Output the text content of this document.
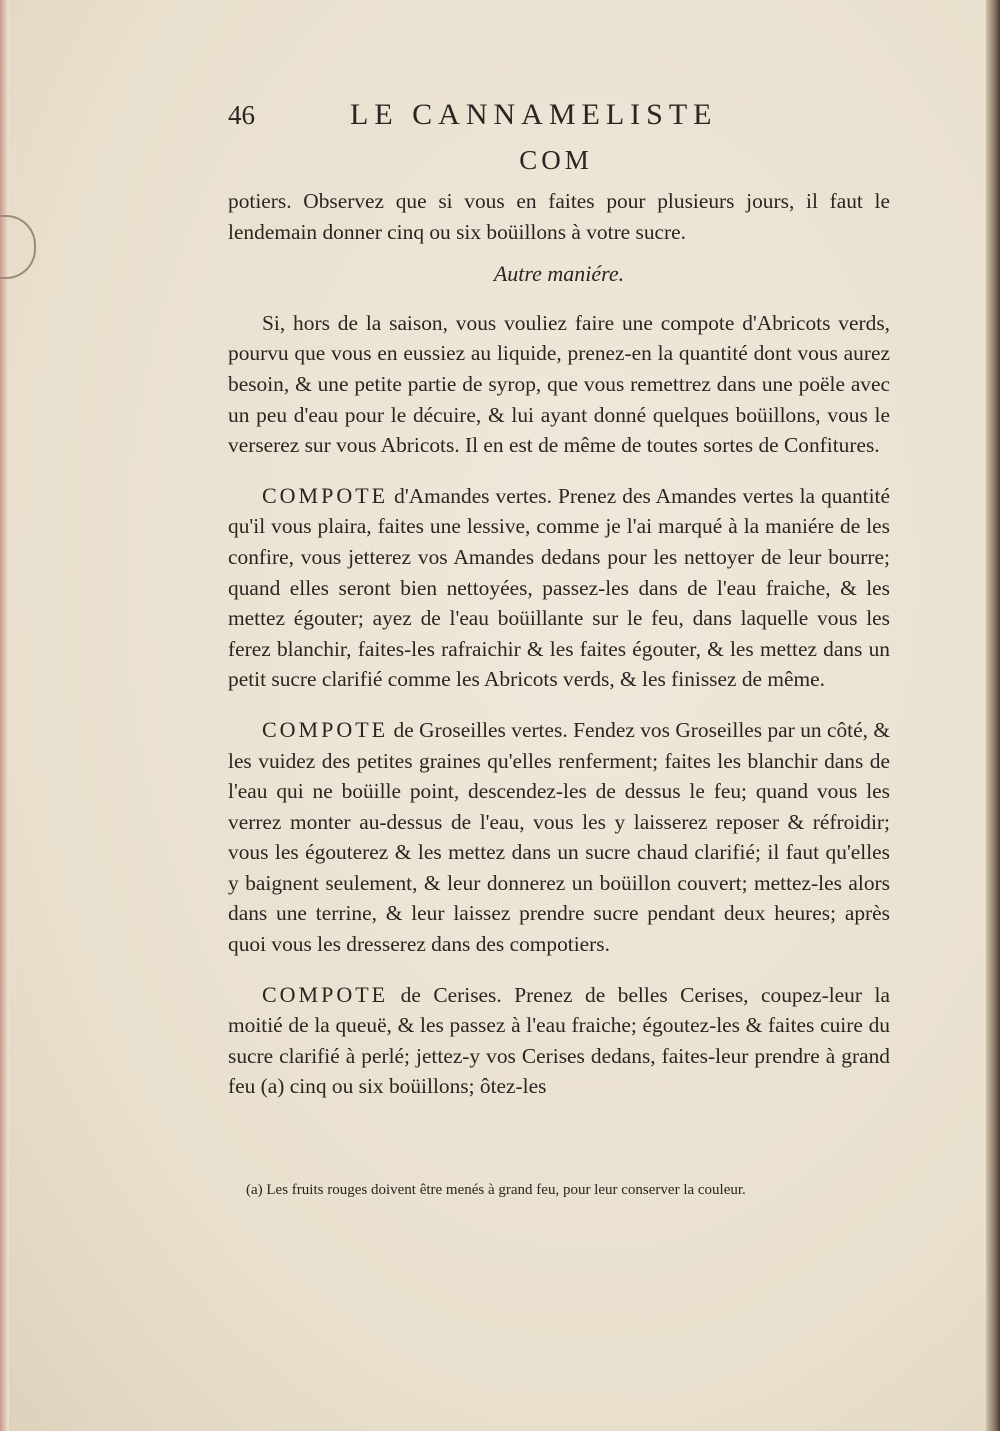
46	LE CANNAMELISTE
COM

potiers. Observez que si vous en faites pour plusieurs jours, il faut le lendemain donner cinq ou six boüillons à votre sucre.

Autre maniére.

Si, hors de la saison, vous vouliez faire une compote d'Abricots verds, pourvu que vous en eussiez au liquide, prenez-en la quantité dont vous aurez besoin, & une petite partie de syrop, que vous remettrez dans une poële avec un peu d'eau pour le décuire, & lui ayant donné quelques boüillons, vous le verserez sur vous Abricots. Il en est de même de toutes sortes de Confitures.

COMPOTE d'Amandes vertes. Prenez des Amandes vertes la quantité qu'il vous plaira, faites une lessive, comme je l'ai marqué à la maniére de les confire, vous jetterez vos Amandes dedans pour les nettoyer de leur bourre; quand elles seront bien nettoyées, passez-les dans de l'eau fraiche, & les mettez égouter; ayez de l'eau boüillante sur le feu, dans laquelle vous les ferez blanchir, faites-les rafraichir & les faites égouter, & les mettez dans un petit sucre clarifié comme les Abricots verds, & les finissez de même.

COMPOTE de Groseilles vertes. Fendez vos Groseilles par un côté, & les vuidez des petites graines qu'elles renferment; faites les blanchir dans de l'eau qui ne boüille point, descendez-les de dessus le feu; quand vous les verrez monter au-dessus de l'eau, vous les y laisserez reposer & réfroidir; vous les égouterez & les mettez dans un sucre chaud clarifié; il faut qu'elles y baignent seulement, & leur donnerez un boüillon couvert; mettez-les alors dans une terrine, & leur laissez prendre sucre pendant deux heures; après quoi vous les dresserez dans des compotiers.

COMPOTE de Cerises. Prenez de belles Cerises, coupez-leur la moitié de la queuë, & les passez à l'eau fraiche; égoutez-les & faites cuire du sucre clarifié à perlé; jettez-y vos Cerises dedans, faites-leur prendre à grand feu (a) cinq ou six boüillons; ôtez-les

(a) Les fruits rouges doivent être menés à grand feu, pour leur conserver la couleur.
